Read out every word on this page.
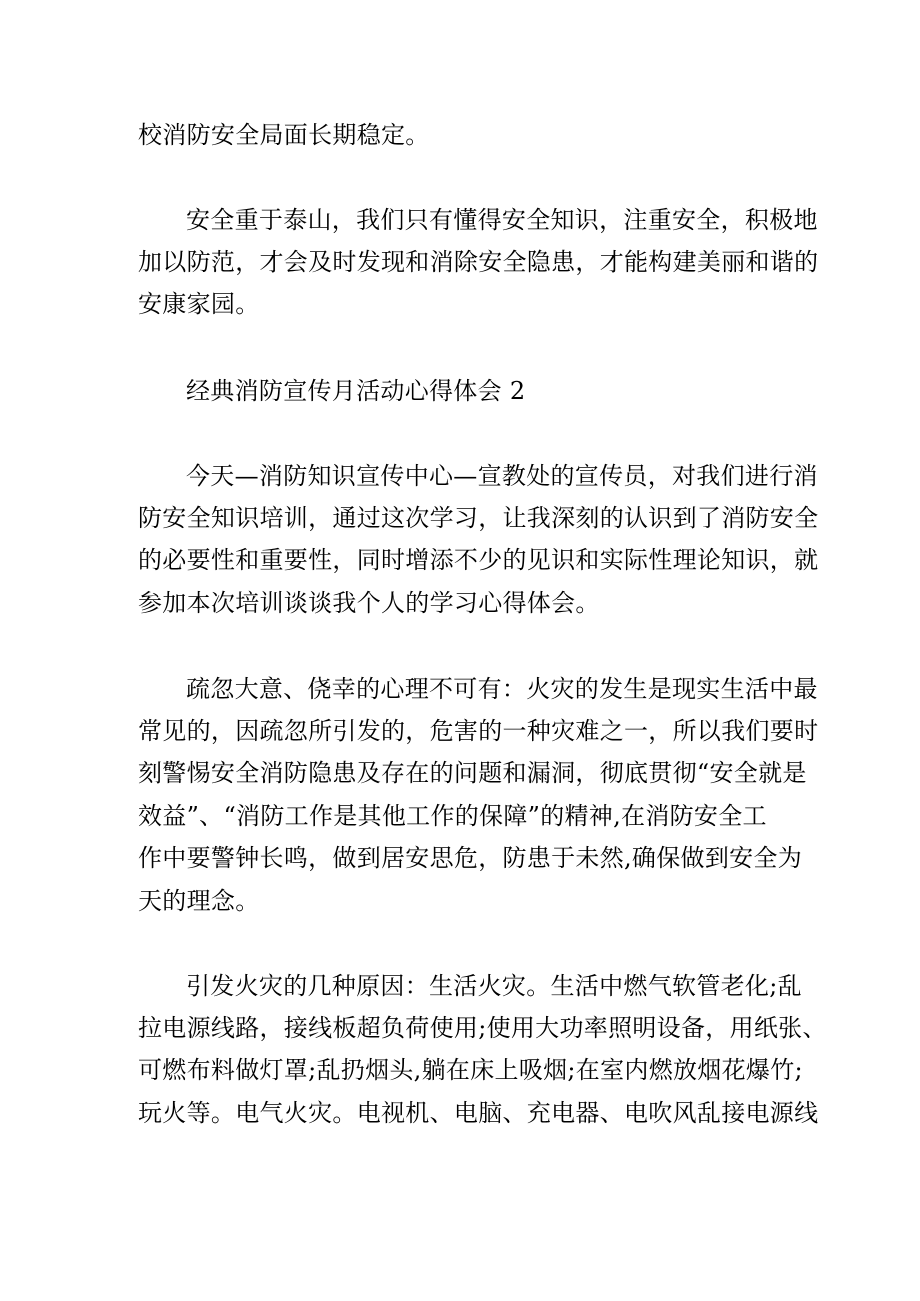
校消防安全局面长期稳定。
安全重于泰山，我们只有懂得安全知识，注重安全，积极地
加以防范，才会及时发现和消除安全隐患，才能构建美丽和谐的
安康家园。
经典消防宣传月活动心得体会 2
今天—消防知识宣传中心—宣教处的宣传员，对我们进行消
防安全知识培训，通过这次学习，让我深刻的认识到了消防安全
的必要性和重要性，同时增添不少的见识和实际性理论知识，就
参加本次培训谈谈我个人的学习心得体会。
疏忽大意、侥幸的心理不可有：火灾的发生是现实生活中最
常见的，因疏忽所引发的，危害的一种灾难之一，所以我们要时
刻警惕安全消防隐患及存在的问题和漏洞，彻底贯彻“安全就是
效益”、“消防工作是其他工作的保障”的精神,在消防安全工
作中要警钟长鸣，做到居安思危，防患于未然,确保做到安全为
天的理念。
引发火灾的几种原因：生活火灾。生活中燃气软管老化;乱
拉电源线路，接线板超负荷使用;使用大功率照明设备，用纸张、
可燃布料做灯罩;乱扔烟头,躺在床上吸烟;在室内燃放烟花爆竹;
玩火等。电气火灾。电视机、电脑、充电器、电吹风乱接电源线
